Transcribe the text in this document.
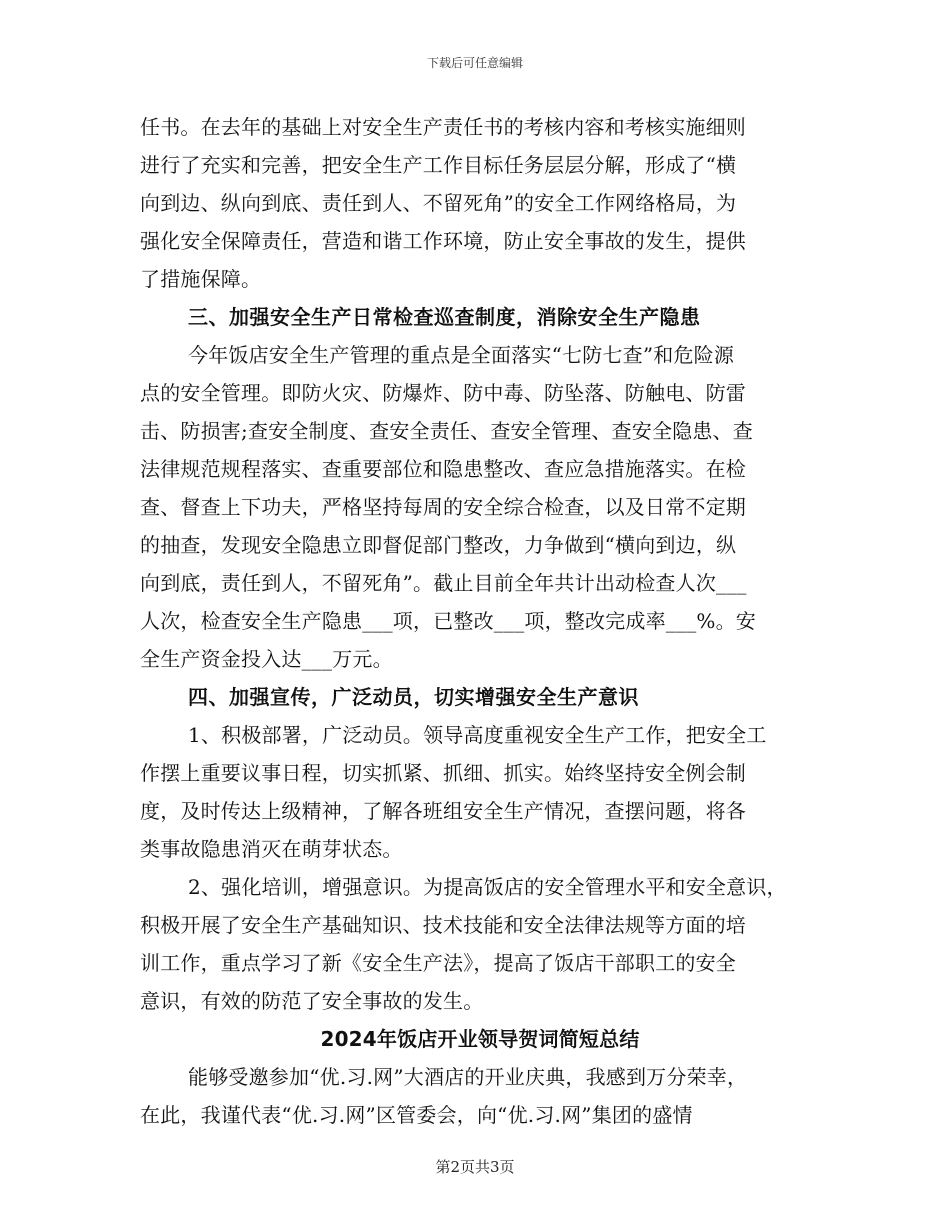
下载后可任意编辑
任书。在去年的基础上对安全生产责任书的考核内容和考核实施细则
进行了充实和完善，把安全生产工作目标任务层层分解，形成了“横
向到边、纵向到底、责任到人、不留死角”的安全工作网络格局，为
强化安全保障责任，营造和谐工作环境，防止安全事故的发生，提供
了措施保障。
三、加强安全生产日常检查巡查制度，消除安全生产隐患
今年饭店安全生产管理的重点是全面落实“七防七查”和危险源
点的安全管理。即防火灾、防爆炸、防中毒、防坠落、防触电、防雷
击、防损害;查安全制度、查安全责任、查安全管理、查安全隐患、查
法律规范规程落实、查重要部位和隐患整改、查应急措施落实。在检
查、督查上下功夫，严格坚持每周的安全综合检查，以及日常不定期
的抽查，发现安全隐患立即督促部门整改，力争做到“横向到边，纵
向到底，责任到人，不留死角”。截止目前全年共计出动检查人次___
人次，检查安全生产隐患___项，已整改___项，整改完成率___%。安
全生产资金投入达___万元。
四、加强宣传，广泛动员，切实增强安全生产意识
1、积极部署，广泛动员。领导高度重视安全生产工作，把安全工
作摆上重要议事日程，切实抓紧、抓细、抓实。始终坚持安全例会制
度，及时传达上级精神，了解各班组安全生产情况，查摆问题，将各
类事故隐患消灭在萌芽状态。
2、强化培训，增强意识。为提高饭店的安全管理水平和安全意识，
积极开展了安全生产基础知识、技术技能和安全法律法规等方面的培
训工作，重点学习了新《安全生产法》，提高了饭店干部职工的安全
意识，有效的防范了安全事故的发生。
2024年饭店开业领导贺词简短总结
能够受邀参加“优.习.网”大酒店的开业庆典，我感到万分荣幸，
在此，我谨代表“优.习.网”区管委会，向“优.习.网”集团的盛情
第2页共3页
